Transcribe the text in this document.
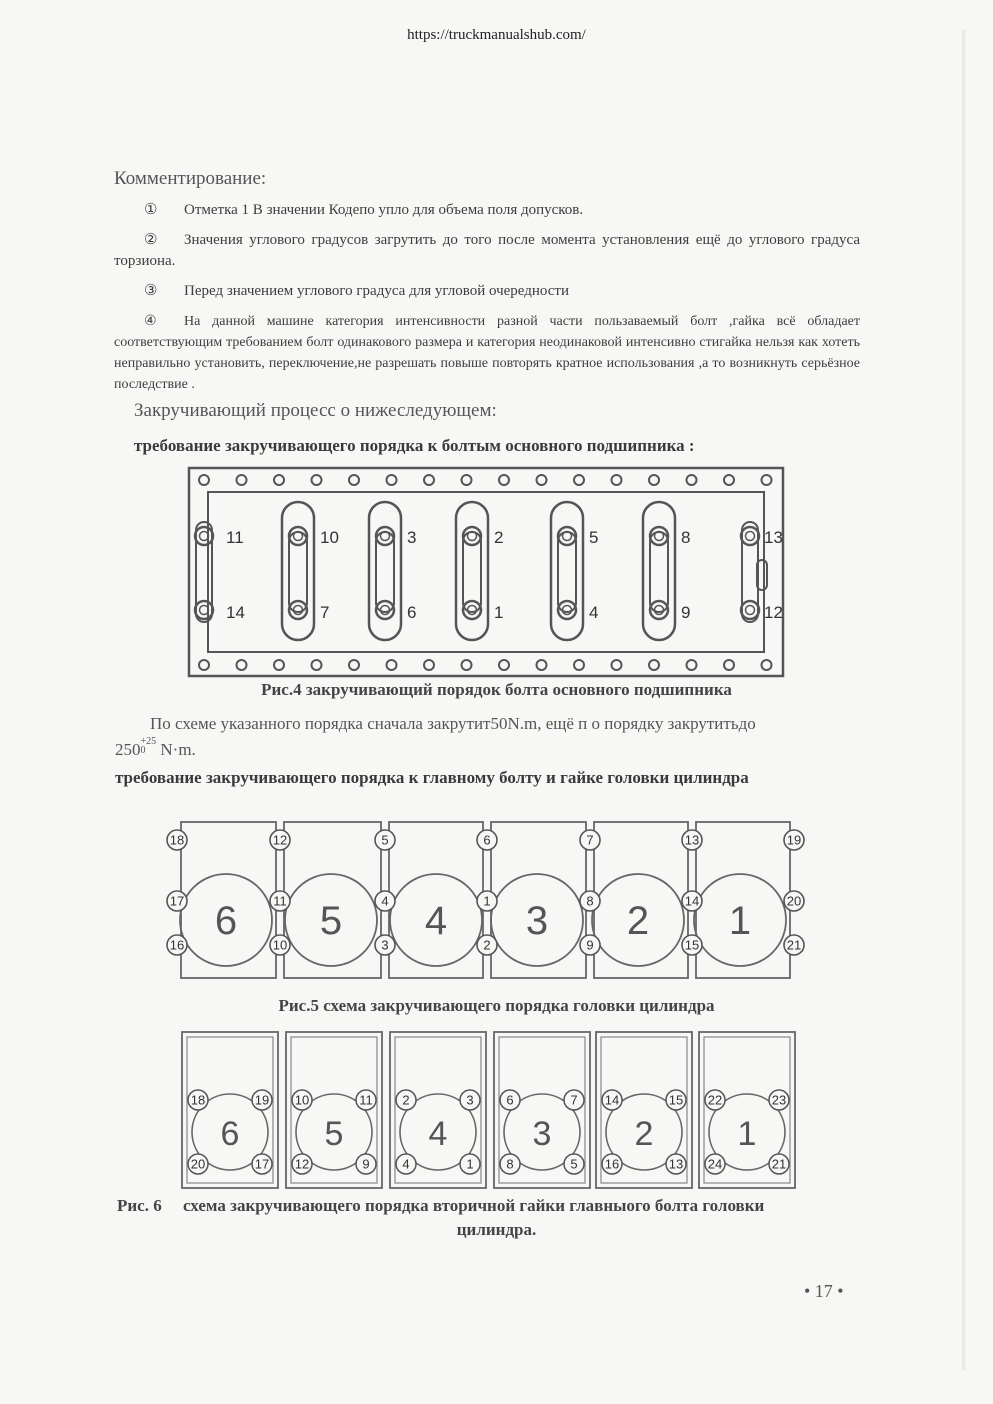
https://truckmanualshub.com/
Комментирование:
① Отметка 1 В значении Кодепо упло для объема поля допусков.
② Значения углового градусов загрутить до того после момента установления ещё до углового градуса торзиона.
③ Перед значением углового градуса для угловой очередности
④ На данной машине категория интенсивности разной части пользаваемый болт ,гайка всё обладает соответствующим требованием болт одинакового размера и категория неодинаковой интенсивно стигайка нельзя как хотеть неправильно установить, переключение,не разрешать повыше повторять кратное использования ,а то возникнуть серьёзное последствие .
Закручивающий процесс о нижеследующем:
требование закручивающего порядка к болтым основного подшипника :
11
14
10
7
3
6
2
1
5
4
8
9
13
12
Рис.4 закручивающий порядок болта основного подшипника
По схеме указанного порядка сначала закрутит50N.m, ещё п о порядку закрутитьдо
250 +25
0 N·m.
требование закручивающего порядка к главному болту и гайке головки цилиндра
18	12	5	6	7	13	19
17	11	4	1	8	14	20
16	10	3	2	9	15	21
6 5 4 3 2 1
Рис.5 схема закручивающего порядка головки цилиндра
6
18	19
20	17
5
10	11
12	9
4
2	3
4	1
3
6	7
8	5
2
14	15
16	13
1
22	23
24	21
Рис. 6 схема закручивающего порядка вторичной гайки главныого болта головки
цилиндра.
• 17 •
